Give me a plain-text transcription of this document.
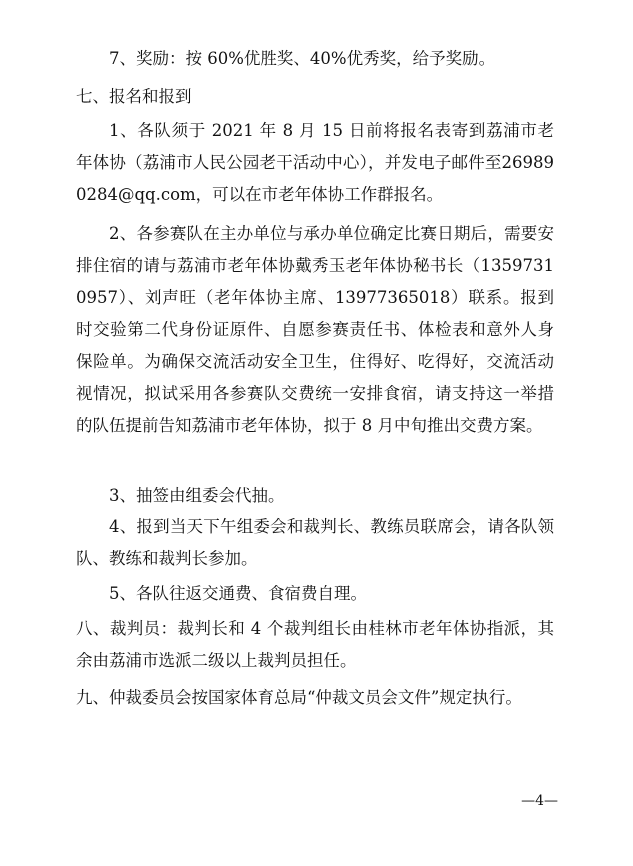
7、奖励：按 60%优胜奖、40%优秀奖，给予奖励。

七、报名和报到

1、各队须于 2021 年 8 月 15 日前将报名表寄到荔浦市老年体协（荔浦市人民公园老干活动中心），并发电子邮件至269890284@qq.com，可以在市老年体协工作群报名。

2、各参赛队在主办单位与承办单位确定比赛日期后，需要安排住宿的请与荔浦市老年体协戴秀玉老年体协秘书长（13597310957）、刘声旺（老年体协主席、13977365018）联系。报到时交验第二代身份证原件、自愿参赛责任书、体检表和意外人身保险单。为确保交流活动安全卫生，住得好、吃得好，交流活动视情况，拟试采用各参赛队交费统一安排食宿，请支持这一举措的队伍提前告知荔浦市老年体协，拟于 8 月中旬推出交费方案。

3、抽签由组委会代抽。

4、报到当天下午组委会和裁判长、教练员联席会，请各队领队、教练和裁判长参加。

5、各队往返交通费、食宿费自理。

八、裁判员：裁判长和 4 个裁判组长由桂林市老年体协指派，其余由荔浦市选派二级以上裁判员担任。

九、仲裁委员会按国家体育总局“仲裁文员会文件”规定执行。

—4—
